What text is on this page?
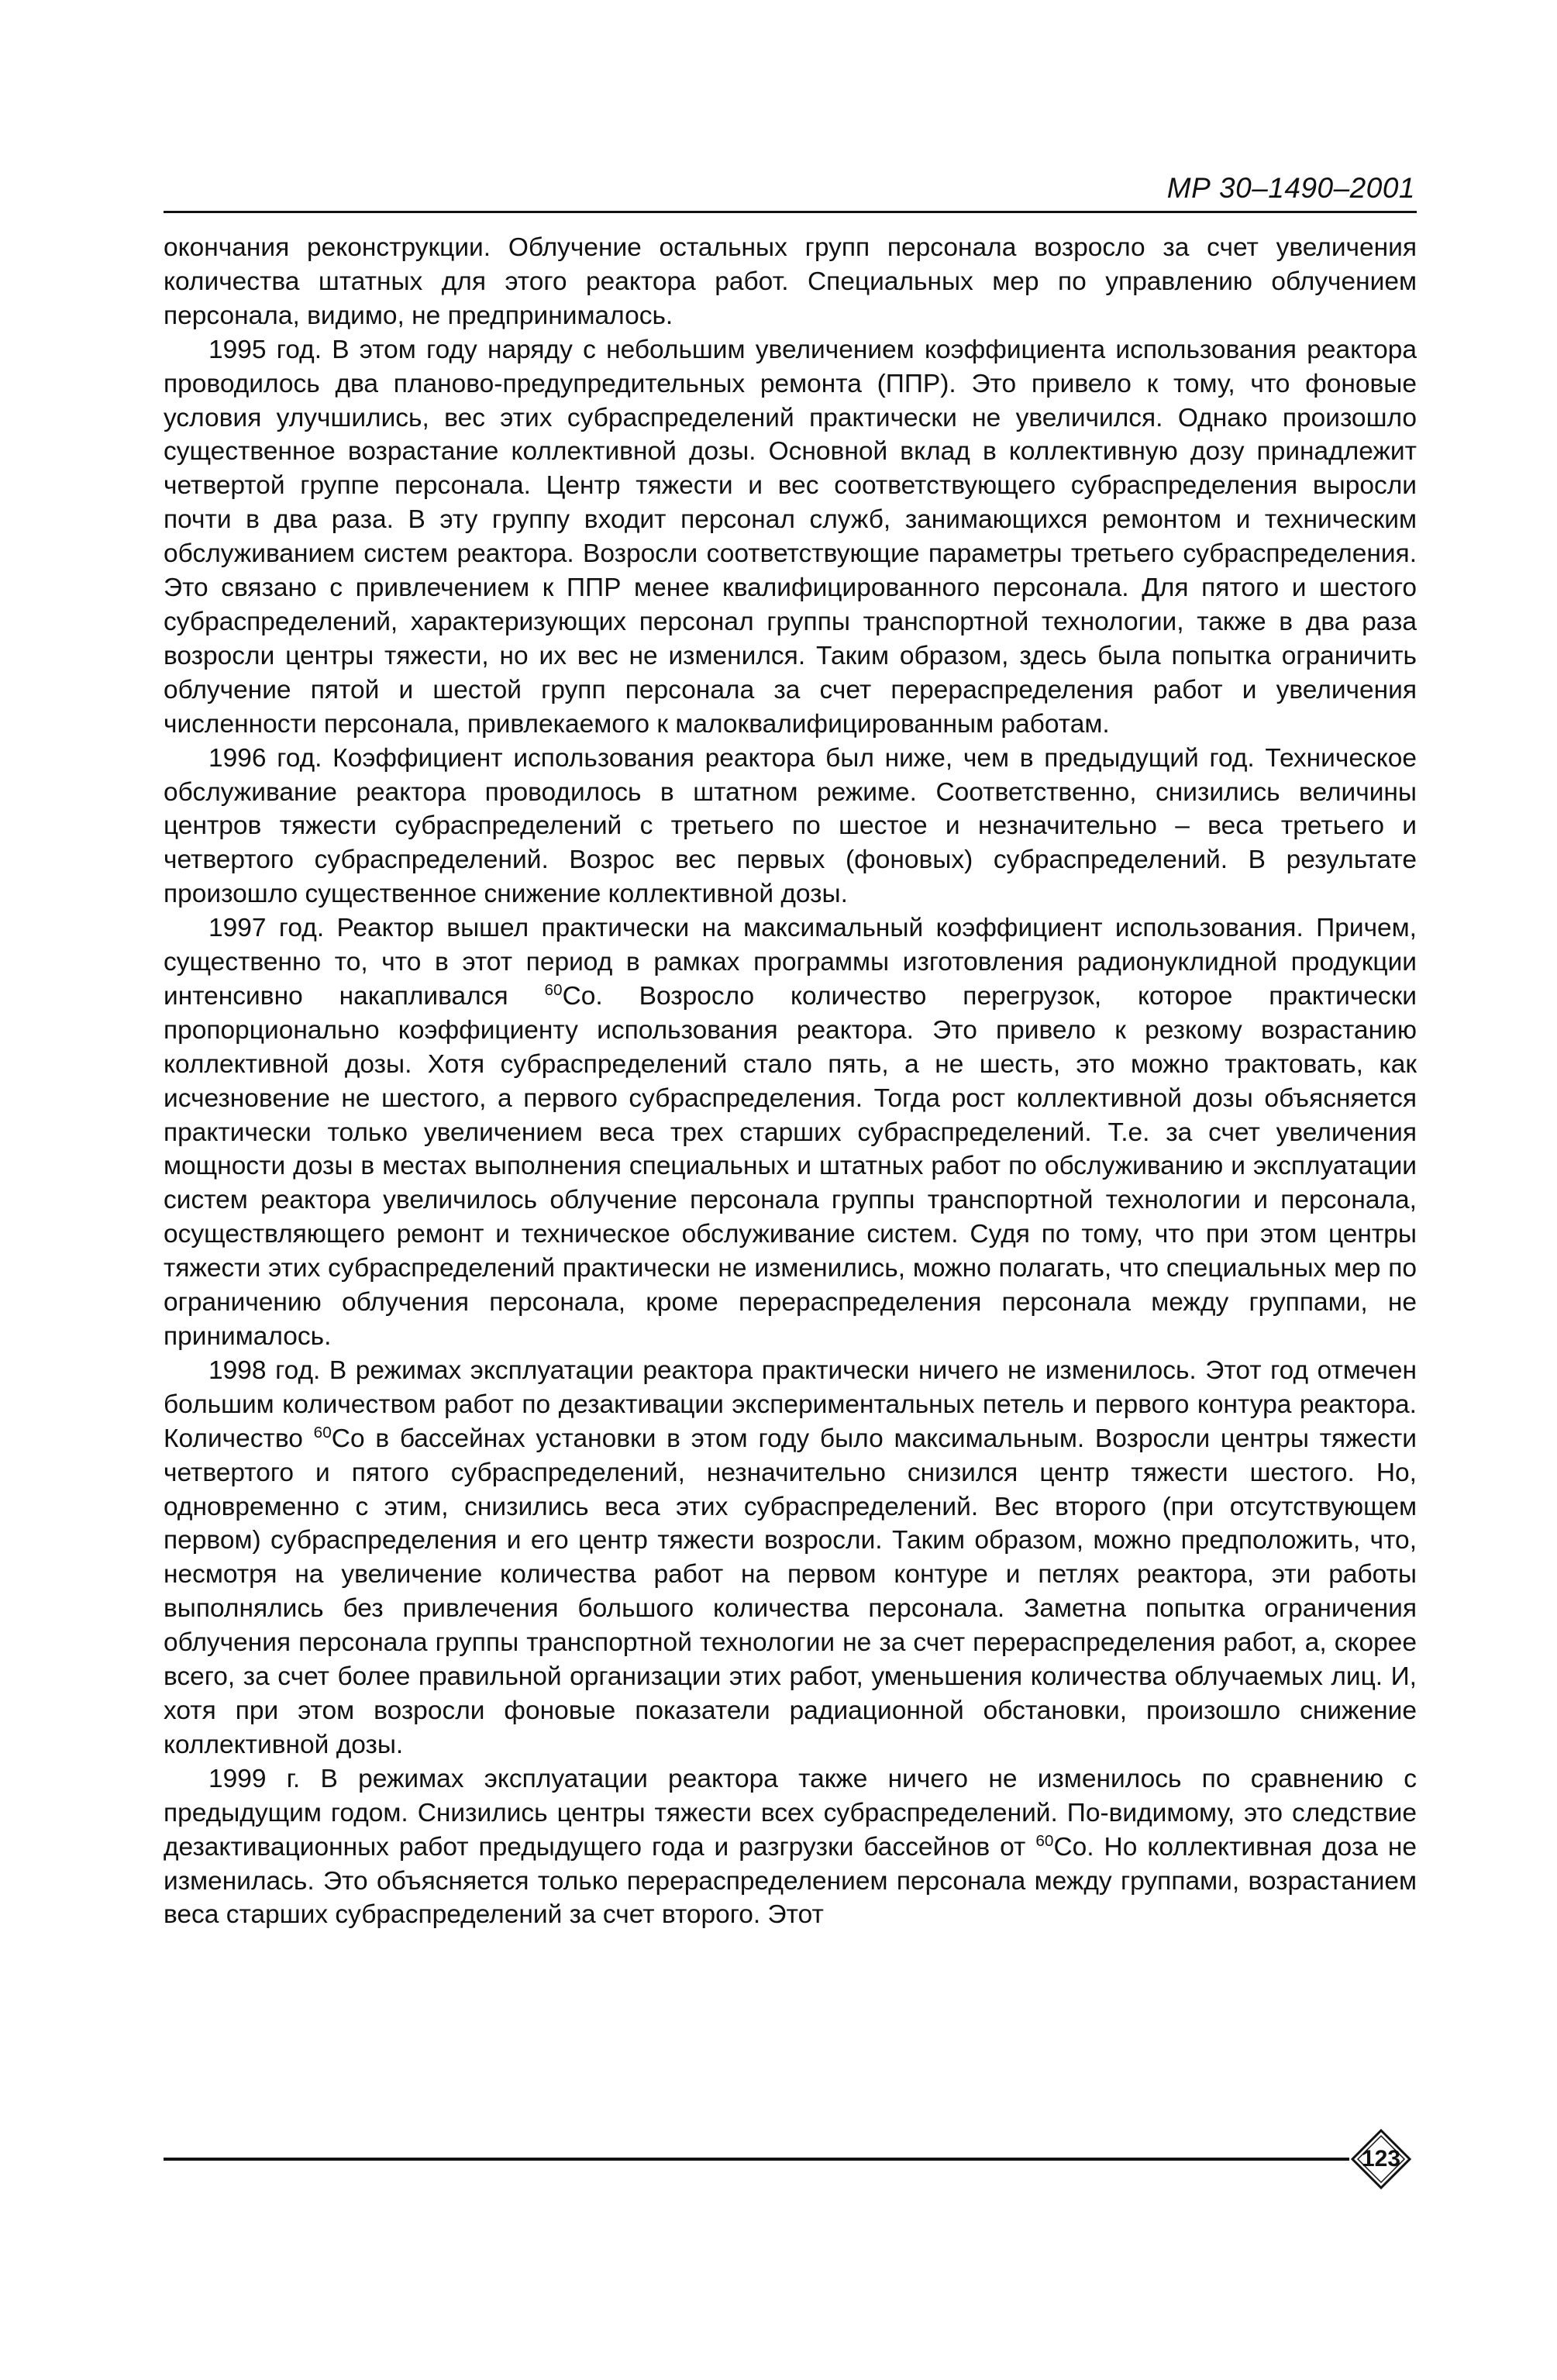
МР 30–1490–2001

окончания реконструкции. Облучение остальных групп персонала возросло за счет увеличения количества штатных для этого реактора работ. Специальных мер по управлению облучением персонала, видимо, не предпринималось.

1995 год. В этом году наряду с небольшим увеличением коэффициента использования реактора проводилось два планово-предупредительных ремонта (ППР). Это привело к тому, что фоновые условия улучшились, вес этих субраспределений практически не увеличился. Однако произошло существенное возрастание коллективной дозы. Основной вклад в коллективную дозу принадлежит четвертой группе персонала. Центр тяжести и вес соответствующего субраспределения выросли почти в два раза. В эту группу входит персонал служб, занимающихся ремонтом и техническим обслуживанием систем реактора. Возросли соответствующие параметры третьего субраспределения. Это связано с привлечением к ППР менее квалифицированного персонала. Для пятого и шестого субраспределений, характеризующих персонал группы транспортной технологии, также в два раза возросли центры тяжести, но их вес не изменился. Таким образом, здесь была попытка ограничить облучение пятой и шестой групп персонала за счет перераспределения работ и увеличения численности персонала, привлекаемого к малоквалифицированным работам.

1996 год. Коэффициент использования реактора был ниже, чем в предыдущий год. Техническое обслуживание реактора проводилось в штатном режиме. Соответственно, снизились величины центров тяжести субраспределений с третьего по шестое и незначительно – веса третьего и четвертого субраспределений. Возрос вес первых (фоновых) субраспределений. В результате произошло существенное снижение коллективной дозы.

1997 год. Реактор вышел практически на максимальный коэффициент использования. Причем, существенно то, что в этот период в рамках программы изготовления радионуклидной продукции интенсивно накапливался $^{60}$Co. Возросло количество перегрузок, которое практически пропорционально коэффициенту использования реактора. Это привело к резкому возрастанию коллективной дозы. Хотя субраспределений стало пять, а не шесть, это можно трактовать, как исчезновение не шестого, а первого субраспределения. Тогда рост коллективной дозы объясняется практически только увеличением веса трех старших субраспределений. Т.е. за счет увеличения мощности дозы в местах выполнения специальных и штатных работ по обслуживанию и эксплуатации систем реактора увеличилось облучение персонала группы транспортной технологии и персонала, осуществляющего ремонт и техническое обслуживание систем. Судя по тому, что при этом центры тяжести этих субраспределений практически не изменились, можно полагать, что специальных мер по ограничению облучения персонала, кроме перераспределения персонала между группами, не принималось.

1998 год. В режимах эксплуатации реактора практически ничего не изменилось. Этот год отмечен большим количеством работ по дезактивации экспериментальных петель и первого контура реактора. Количество $^{60}$Co в бассейнах установки в этом году было максимальным. Возросли центры тяжести четвертого и пятого субраспределений, незначительно снизился центр тяжести шестого. Но, одновременно с этим, снизились веса этих субраспределений. Вес второго (при отсутствующем первом) субраспределения и его центр тяжести возросли. Таким образом, можно предположить, что, несмотря на увеличение количества работ на первом контуре и петлях реактора, эти работы выполнялись без привлечения большого количества персонала. Заметна попытка ограничения облучения персонала группы транспортной технологии не за счет перераспределения работ, а, скорее всего, за счет более правильной организации этих работ, уменьшения количества облучаемых лиц. И, хотя при этом возросли фоновые показатели радиационной обстановки, произошло снижение коллективной дозы.

1999 г. В режимах эксплуатации реактора также ничего не изменилось по сравнению с предыдущим годом. Снизились центры тяжести всех субраспределений. По-видимому, это следствие дезактивационных работ предыдущего года и разгрузки бассейнов от $^{60}$Co. Но коллективная доза не изменилась. Это объясняется только перераспределением персонала между группами, возрастанием веса старших субраспределений за счет второго. Этот

123
